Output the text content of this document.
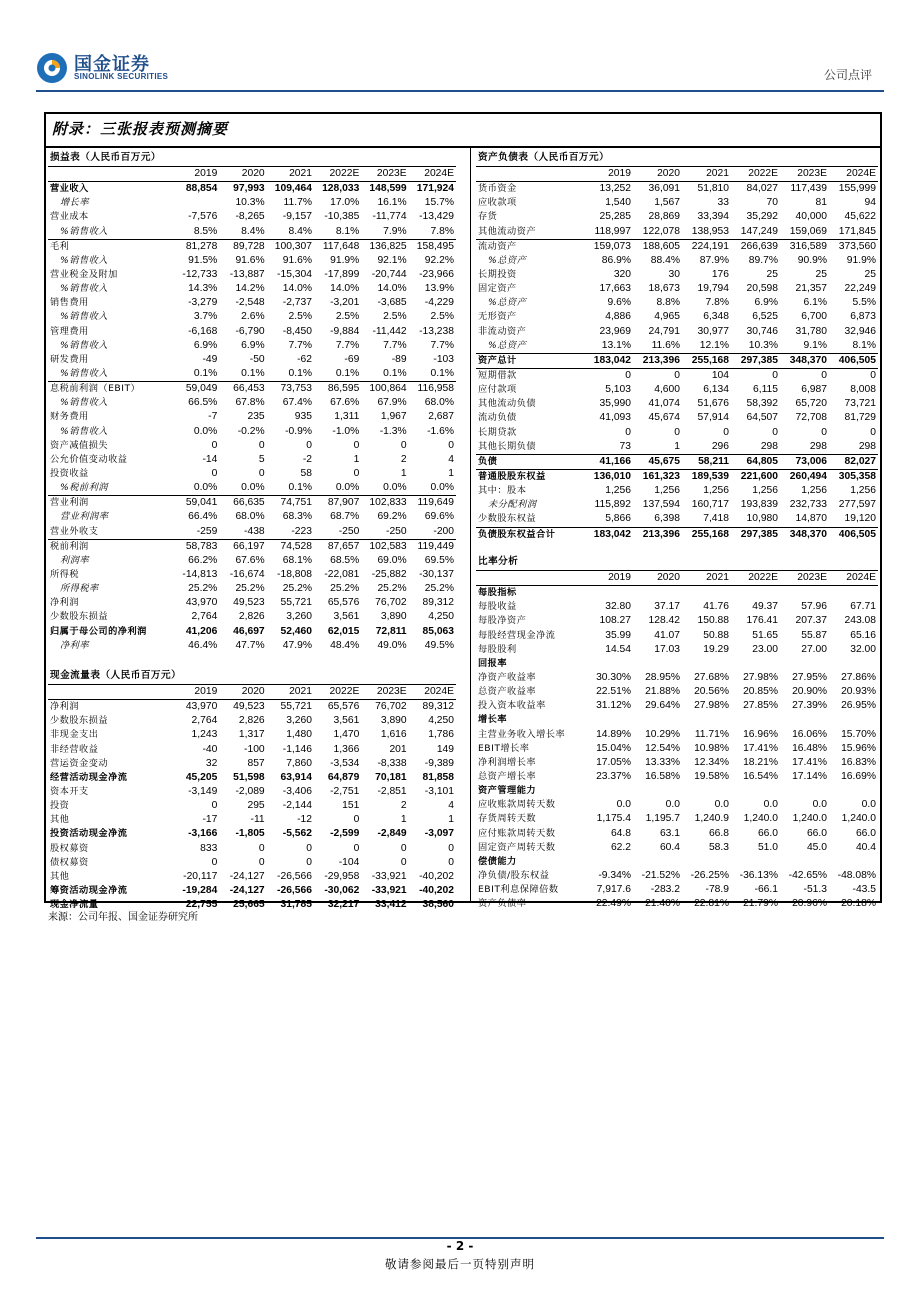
国金证券
SINOLINK SECURITIES	公司点评
附录：三张报表预测摘要
损益表（人民币百万元）
	2019	2020	2021	2022E	2023E	2024E
营业收入	88,854	97,993	109,464	128,033	148,599	171,924
增长率		10.3%	11.7%	17.0%	16.1%	15.7%
营业成本	-7,576	-8,265	-9,157	-10,385	-11,774	-13,429
%销售收入	8.5%	8.4%	8.4%	8.1%	7.9%	7.8%
毛利	81,278	89,728	100,307	117,648	136,825	158,495
%销售收入	91.5%	91.6%	91.6%	91.9%	92.1%	92.2%
营业税金及附加	-12,733	-13,887	-15,304	-17,899	-20,744	-23,966
%销售收入	14.3%	14.2%	14.0%	14.0%	14.0%	13.9%
销售费用	-3,279	-2,548	-2,737	-3,201	-3,685	-4,229
%销售收入	3.7%	2.6%	2.5%	2.5%	2.5%	2.5%
管理费用	-6,168	-6,790	-8,450	-9,884	-11,442	-13,238
%销售收入	6.9%	6.9%	7.7%	7.7%	7.7%	7.7%
研发费用	-49	-50	-62	-69	-89	-103
%销售收入	0.1%	0.1%	0.1%	0.1%	0.1%	0.1%
息税前利润（EBIT）	59,049	66,453	73,753	86,595	100,864	116,958
%销售收入	66.5%	67.8%	67.4%	67.6%	67.9%	68.0%
财务费用	-7	235	935	1,311	1,967	2,687
%销售收入	0.0%	-0.2%	-0.9%	-1.0%	-1.3%	-1.6%
资产减值损失	0	0	0	0	0	0
公允价值变动收益	-14	5	-2	1	2	4
投资收益	0	0	58	0	1	1
%税前利润	0.0%	0.0%	0.1%	0.0%	0.0%	0.0%
营业利润	59,041	66,635	74,751	87,907	102,833	119,649
营业利润率	66.4%	68.0%	68.3%	68.7%	69.2%	69.6%
营业外收支	-259	-438	-223	-250	-250	-200
税前利润	58,783	66,197	74,528	87,657	102,583	119,449
利润率	66.2%	67.6%	68.1%	68.5%	69.0%	69.5%
所得税	-14,813	-16,674	-18,808	-22,081	-25,882	-30,137
所得税率	25.2%	25.2%	25.2%	25.2%	25.2%	25.2%
净利润	43,970	49,523	55,721	65,576	76,702	89,312
少数股东损益	2,764	2,826	3,260	3,561	3,890	4,250
归属于母公司的净利润	41,206	46,697	52,460	62,015	72,811	85,063
净利率	46.4%	47.7%	47.9%	48.4%	49.0%	49.5%
现金流量表（人民币百万元）
	2019	2020	2021	2022E	2023E	2024E
净利润	43,970	49,523	55,721	65,576	76,702	89,312
少数股东损益	2,764	2,826	3,260	3,561	3,890	4,250
非现金支出	1,243	1,317	1,480	1,470	1,616	1,786
非经营收益	-40	-100	-1,146	1,366	201	149
营运资金变动	32	857	7,860	-3,534	-8,338	-9,389
经营活动现金净流	45,205	51,598	63,914	64,879	70,181	81,858
资本开支	-3,149	-2,089	-3,406	-2,751	-2,851	-3,101
投资	0	295	-2,144	151	2	4
其他	-17	-11	-12	0	1	1
投资活动现金净流	-3,166	-1,805	-5,562	-2,599	-2,849	-3,097
股权募资	833	0	0	0	0	0
债权募资	0	0	0	-104	0	0
其他	-20,117	-24,127	-26,566	-29,958	-33,921	-40,202
筹资活动现金净流	-19,284	-24,127	-26,566	-30,062	-33,921	-40,202
现金净流量	22,755	25,665	31,785	32,217	33,412	38,560
资产负债表（人民币百万元）
	2019	2020	2021	2022E	2023E	2024E
货币资金	13,252	36,091	51,810	84,027	117,439	155,999
应收款项	1,540	1,567	33	70	81	94
存货	25,285	28,869	33,394	35,292	40,000	45,622
其他流动资产	118,997	122,078	138,953	147,249	159,069	171,845
流动资产	159,073	188,605	224,191	266,639	316,589	373,560
%总资产	86.9%	88.4%	87.9%	89.7%	90.9%	91.9%
长期投资	320	30	176	25	25	25
固定资产	17,663	18,673	19,794	20,598	21,357	22,249
%总资产	9.6%	8.8%	7.8%	6.9%	6.1%	5.5%
无形资产	4,886	4,965	6,348	6,525	6,700	6,873
非流动资产	23,969	24,791	30,977	30,746	31,780	32,946
%总资产	13.1%	11.6%	12.1%	10.3%	9.1%	8.1%
资产总计	183,042	213,396	255,168	297,385	348,370	406,505
短期借款	0	0	104	0	0	0
应付款项	5,103	4,600	6,134	6,115	6,987	8,008
其他流动负债	35,990	41,074	51,676	58,392	65,720	73,721
流动负债	41,093	45,674	57,914	64,507	72,708	81,729
长期贷款	0	0	0	0	0	0
其他长期负债	73	1	296	298	298	298
负债	41,166	45,675	58,211	64,805	73,006	82,027
普通股股东权益	136,010	161,323	189,539	221,600	260,494	305,358
其中：股本	1,256	1,256	1,256	1,256	1,256	1,256
未分配利润	115,892	137,594	160,717	193,839	232,733	277,597
少数股东权益	5,866	6,398	7,418	10,980	14,870	19,120
负债股东权益合计	183,042	213,396	255,168	297,385	348,370	406,505
比率分析
	2019	2020	2021	2022E	2023E	2024E
每股指标						
每股收益	32.80	37.17	41.76	49.37	57.96	67.71
每股净资产	108.27	128.42	150.88	176.41	207.37	243.08
每股经营现金净流	35.99	41.07	50.88	51.65	55.87	65.16
每股股利	14.54	17.03	19.29	23.00	27.00	32.00
回报率						
净资产收益率	30.30%	28.95%	27.68%	27.98%	27.95%	27.86%
总资产收益率	22.51%	21.88%	20.56%	20.85%	20.90%	20.93%
投入资本收益率	31.12%	29.64%	27.98%	27.85%	27.39%	26.95%
增长率						
主营业务收入增长率	14.89%	10.29%	11.71%	16.96%	16.06%	15.70%
EBIT增长率	15.04%	12.54%	10.98%	17.41%	16.48%	15.96%
净利润增长率	17.05%	13.33%	12.34%	18.21%	17.41%	16.83%
总资产增长率	23.37%	16.58%	19.58%	16.54%	17.14%	16.69%
资产管理能力						
应收账款周转天数	0.0	0.0	0.0	0.0	0.0	0.0
存货周转天数	1,175.4	1,195.7	1,240.9	1,240.0	1,240.0	1,240.0
应付账款周转天数	64.8	63.1	66.8	66.0	66.0	66.0
固定资产周转天数	62.2	60.4	58.3	51.0	45.0	40.4
偿债能力						
净负债/股东权益	-9.34%	-21.52%	-26.25%	-36.13%	-42.65%	-48.08%
EBIT利息保障倍数	7,917.6	-283.2	-78.9	-66.1	-51.3	-43.5
资产负债率	22.49%	21.40%	22.81%	21.79%	20.96%	20.18%
来源：公司年报、国金证券研究所
- 2 -
敬请参阅最后一页特别声明
